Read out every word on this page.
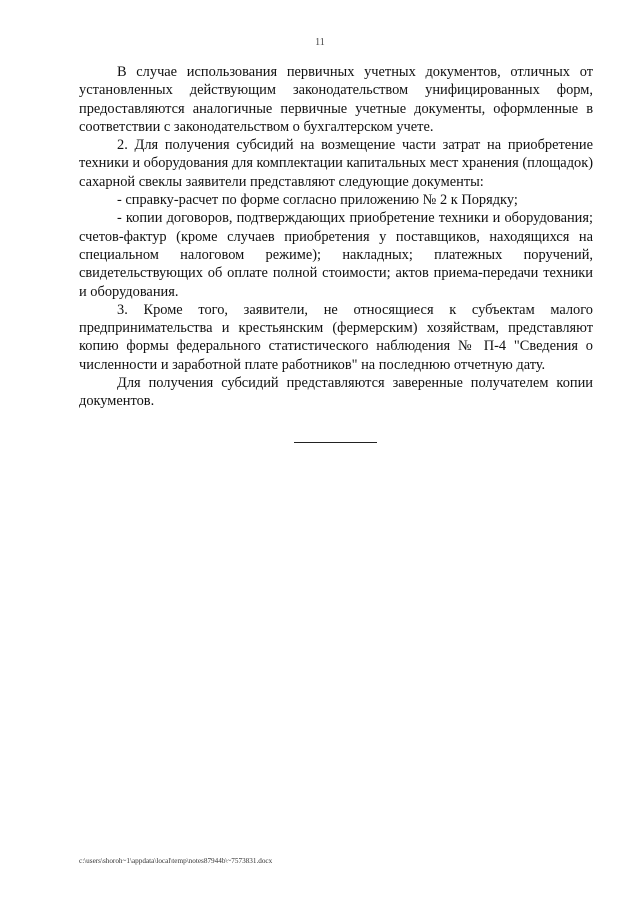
11

В случае использования первичных учетных документов, отличных от установленных действующим законодательством унифицированных форм, предоставляются аналогичные первичные учетные документы, оформленные в соответствии с законодательством о бухгалтерском учете.

2. Для получения субсидий на возмещение части затрат на приобретение техники и оборудования для комплектации капитальных мест хранения (площадок) сахарной свеклы заявители представляют следующие документы:

- справку-расчет по форме согласно приложению № 2 к Порядку;

- копии договоров, подтверждающих приобретение техники и оборудования; счетов-фактур (кроме случаев приобретения у поставщиков, находящихся на специальном налоговом режиме); накладных; платежных поручений, свидетельствующих об оплате полной стоимости; актов приема-передачи техники и оборудования.

3. Кроме того, заявители, не относящиеся к субъектам малого предпринимательства и крестьянским (фермерским) хозяйствам, представляют копию формы федерального статистического наблюдения № П-4 "Сведения о численности и заработной плате работников" на последнюю отчетную дату.

Для получения субсидий представляются заверенные получателем копии документов.

c:\users\shoroh~1\appdata\local\temp\notes87944b\~7573831.docx
